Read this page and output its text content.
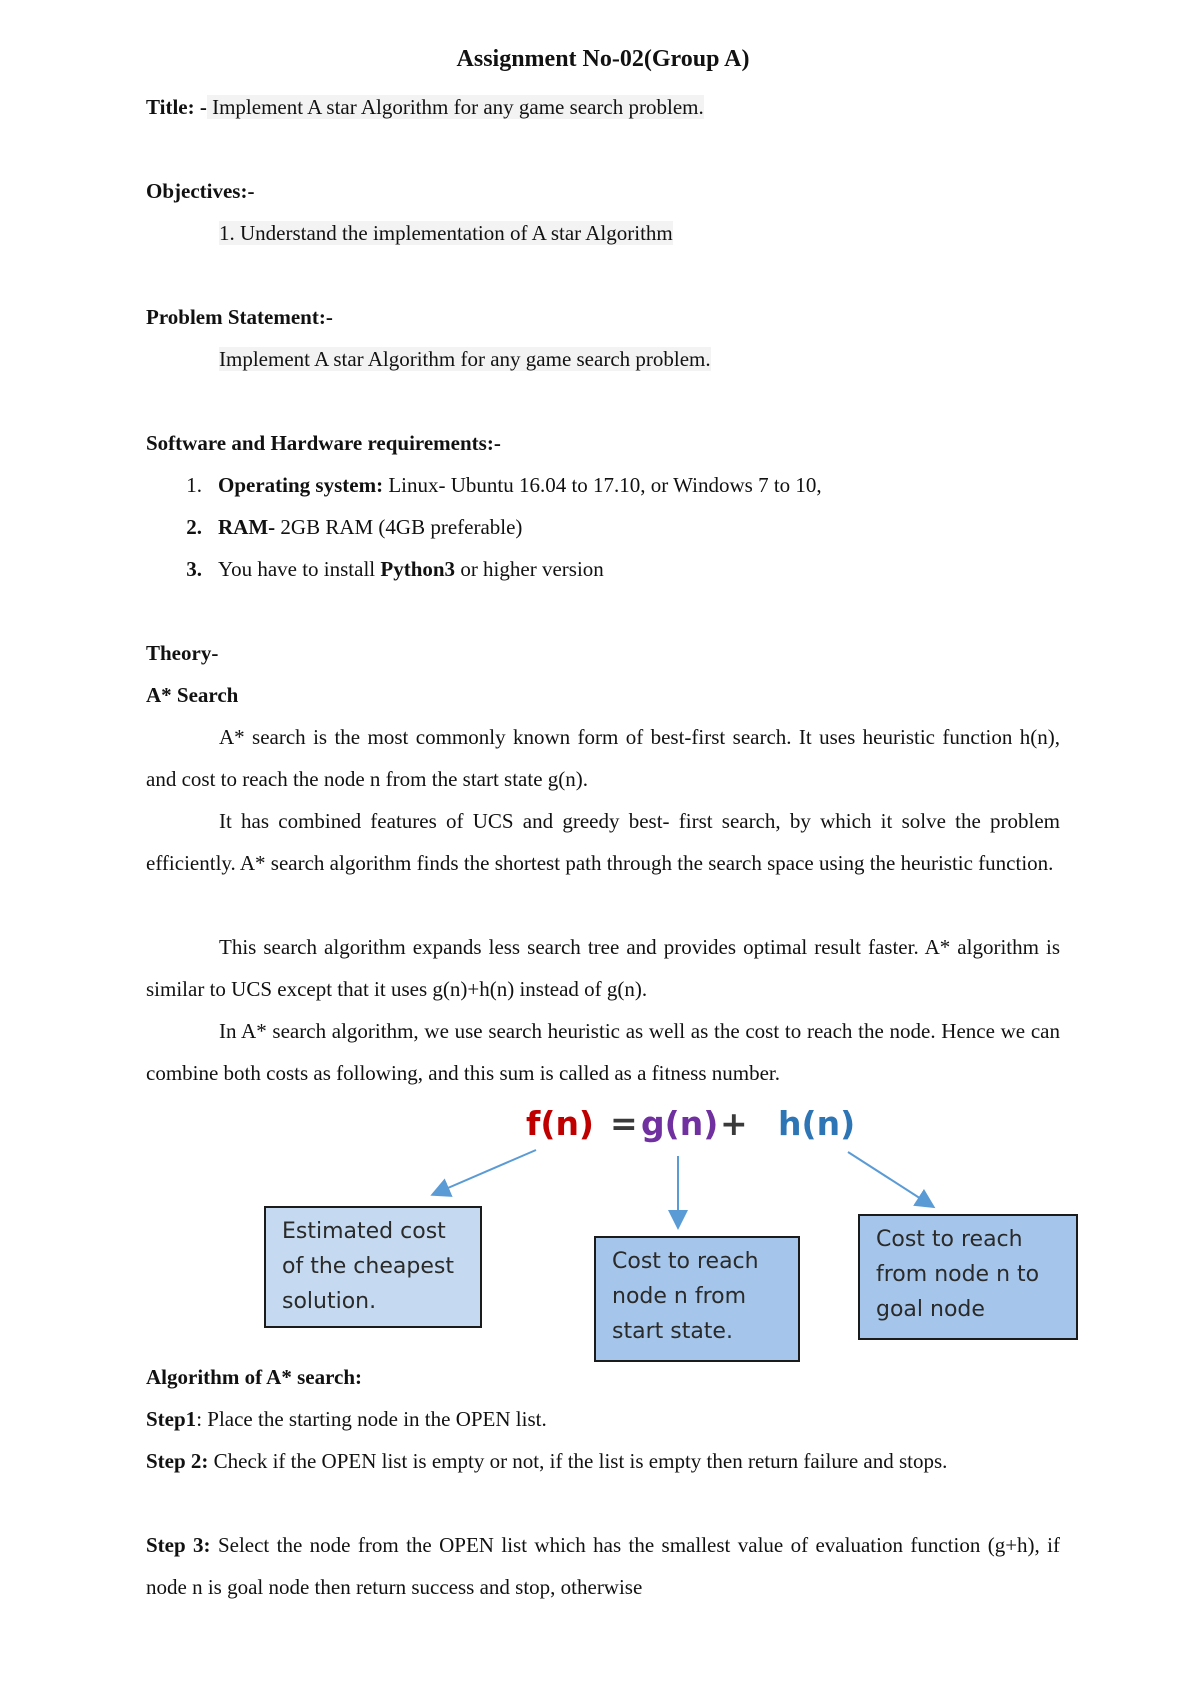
Assignment No-02(Group A)
Title: - Implement A star Algorithm for any game search problem.
Objectives:-
1. Understand the implementation of A star Algorithm
Problem Statement:-
Implement A star Algorithm for any game search problem.
Software and Hardware requirements:-
1. Operating system: Linux- Ubuntu 16.04 to 17.10, or Windows 7 to 10,
2. RAM- 2GB RAM (4GB preferable)
3. You have to install Python3 or higher version
Theory-
A* Search
A* search is the most commonly known form of best-first search. It uses heuristic function h(n), and cost to reach the node n from the start state g(n).
It has combined features of UCS and greedy best- first search, by which it solve the problem efficiently. A* search algorithm finds the shortest path through the search space using the heuristic function.
This search algorithm expands less search tree and provides optimal result faster. A* algorithm is similar to UCS except that it uses g(n)+h(n) instead of g(n).
In A* search algorithm, we use search heuristic as well as the cost to reach the node. Hence we can combine both costs as following, and this sum is called as a fitness number.
Algorithm of A* search:
Step1: Place the starting node in the OPEN list.
Step 2: Check if the OPEN list is empty or not, if the list is empty then return failure and stops.
Step 3: Select the node from the OPEN list which has the smallest value of evaluation function (g+h), if node n is goal node then return success and stop, otherwise
f(n) = g(n) + h(n)
Estimated cost
of the cheapest
solution.
Cost to reach
node n from
start state.
Cost to reach
from node n to
goal node
